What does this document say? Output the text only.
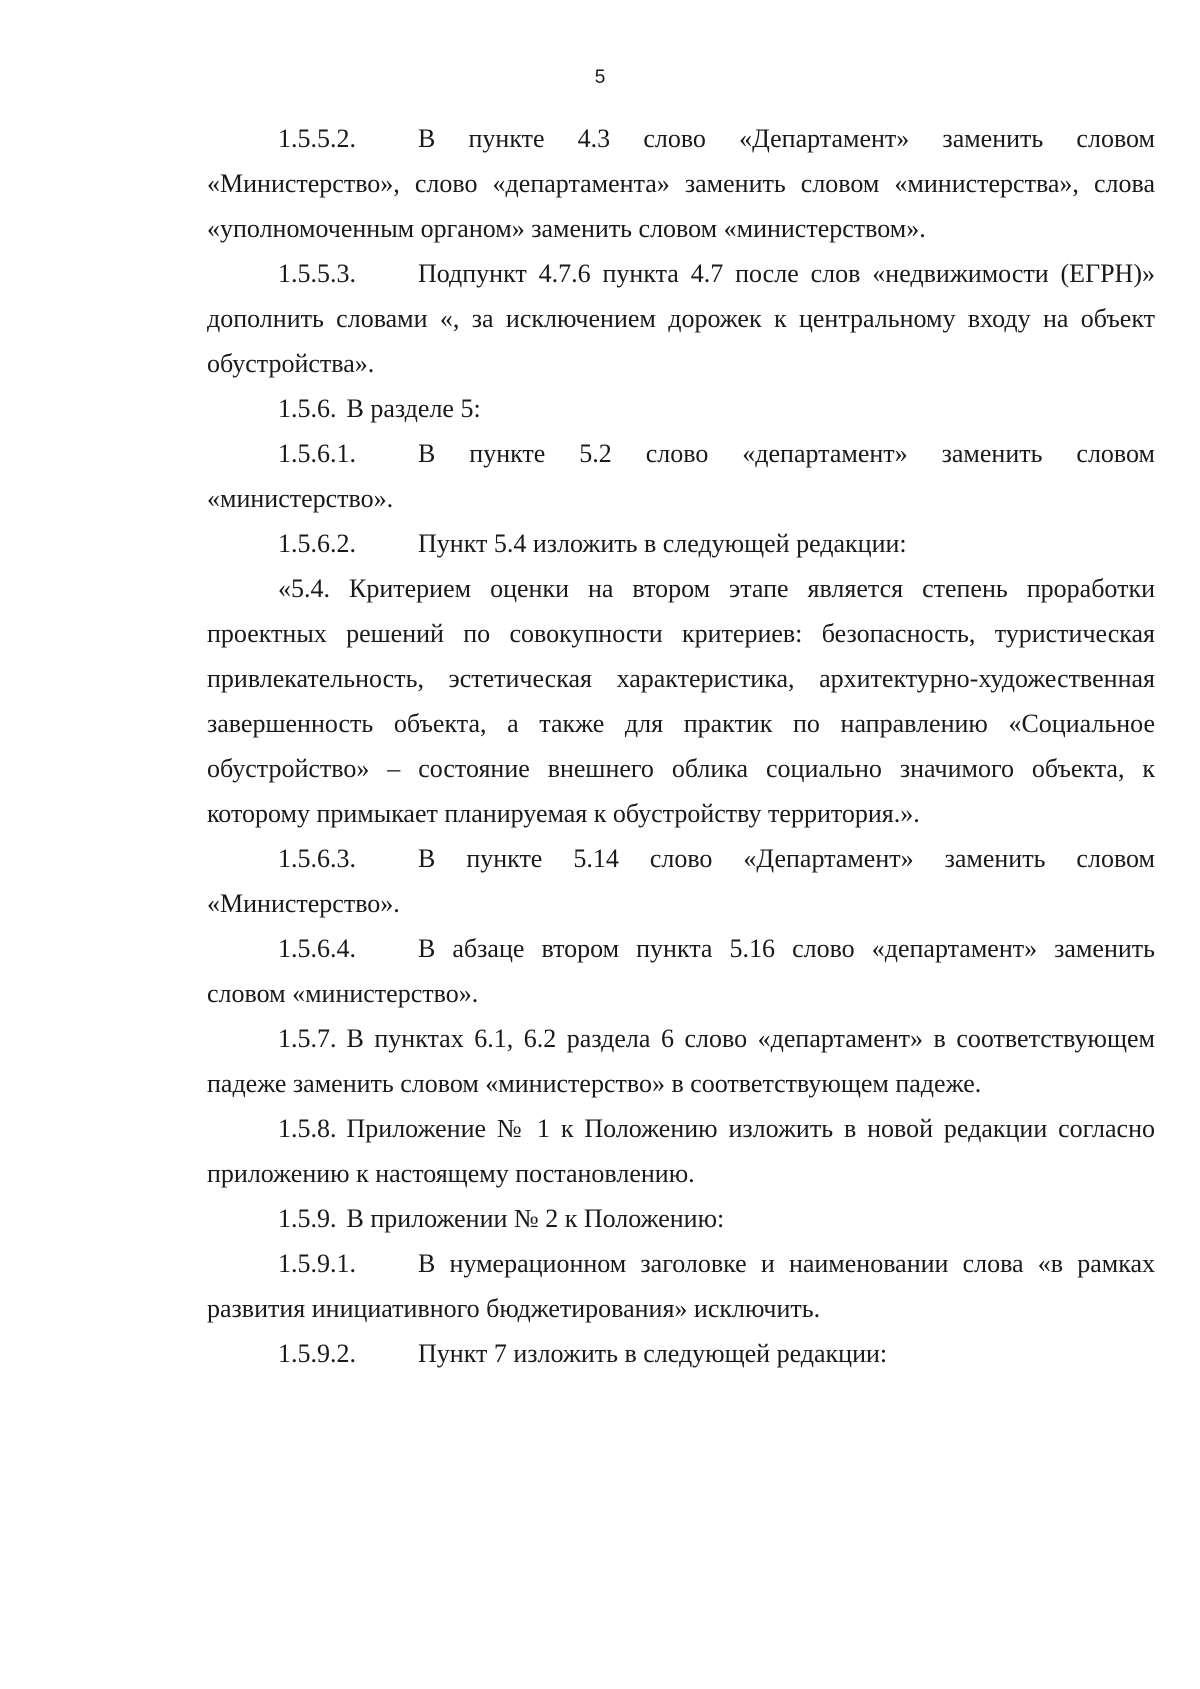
5

1.5.5.2. В пункте 4.3 слово «Департамент» заменить словом «Министерство», слово «департамента» заменить словом «министерства», слова «уполномоченным органом» заменить словом «министерством».

1.5.5.3. Подпункт 4.7.6 пункта 4.7 после слов «недвижимости (ЕГРН)» дополнить словами «, за исключением дорожек к центральному входу на объект обустройства».

1.5.6. В разделе 5:

1.5.6.1. В пункте 5.2 слово «департамент» заменить словом «министерство».

1.5.6.2. Пункт 5.4 изложить в следующей редакции:

«5.4. Критерием оценки на втором этапе является степень проработки проектных решений по совокупности критериев: безопасность, туристическая привлекательность, эстетическая характеристика, архитектурно-художественная завершенность объекта, а также для практик по направлению «Социальное обустройство» – состояние внешнего облика социально значимого объекта, к которому примыкает планируемая к обустройству территория.».

1.5.6.3. В пункте 5.14 слово «Департамент» заменить словом «Министерство».

1.5.6.4. В абзаце втором пункта 5.16 слово «департамент» заменить словом «министерство».

1.5.7. В пунктах 6.1, 6.2 раздела 6 слово «департамент» в соответствующем падеже заменить словом «министерство» в соответствующем падеже.

1.5.8. Приложение № 1 к Положению изложить в новой редакции согласно приложению к настоящему постановлению.

1.5.9. В приложении № 2 к Положению:

1.5.9.1. В нумерационном заголовке и наименовании слова «в рамках развития инициативного бюджетирования» исключить.

1.5.9.2. Пункт 7 изложить в следующей редакции:
